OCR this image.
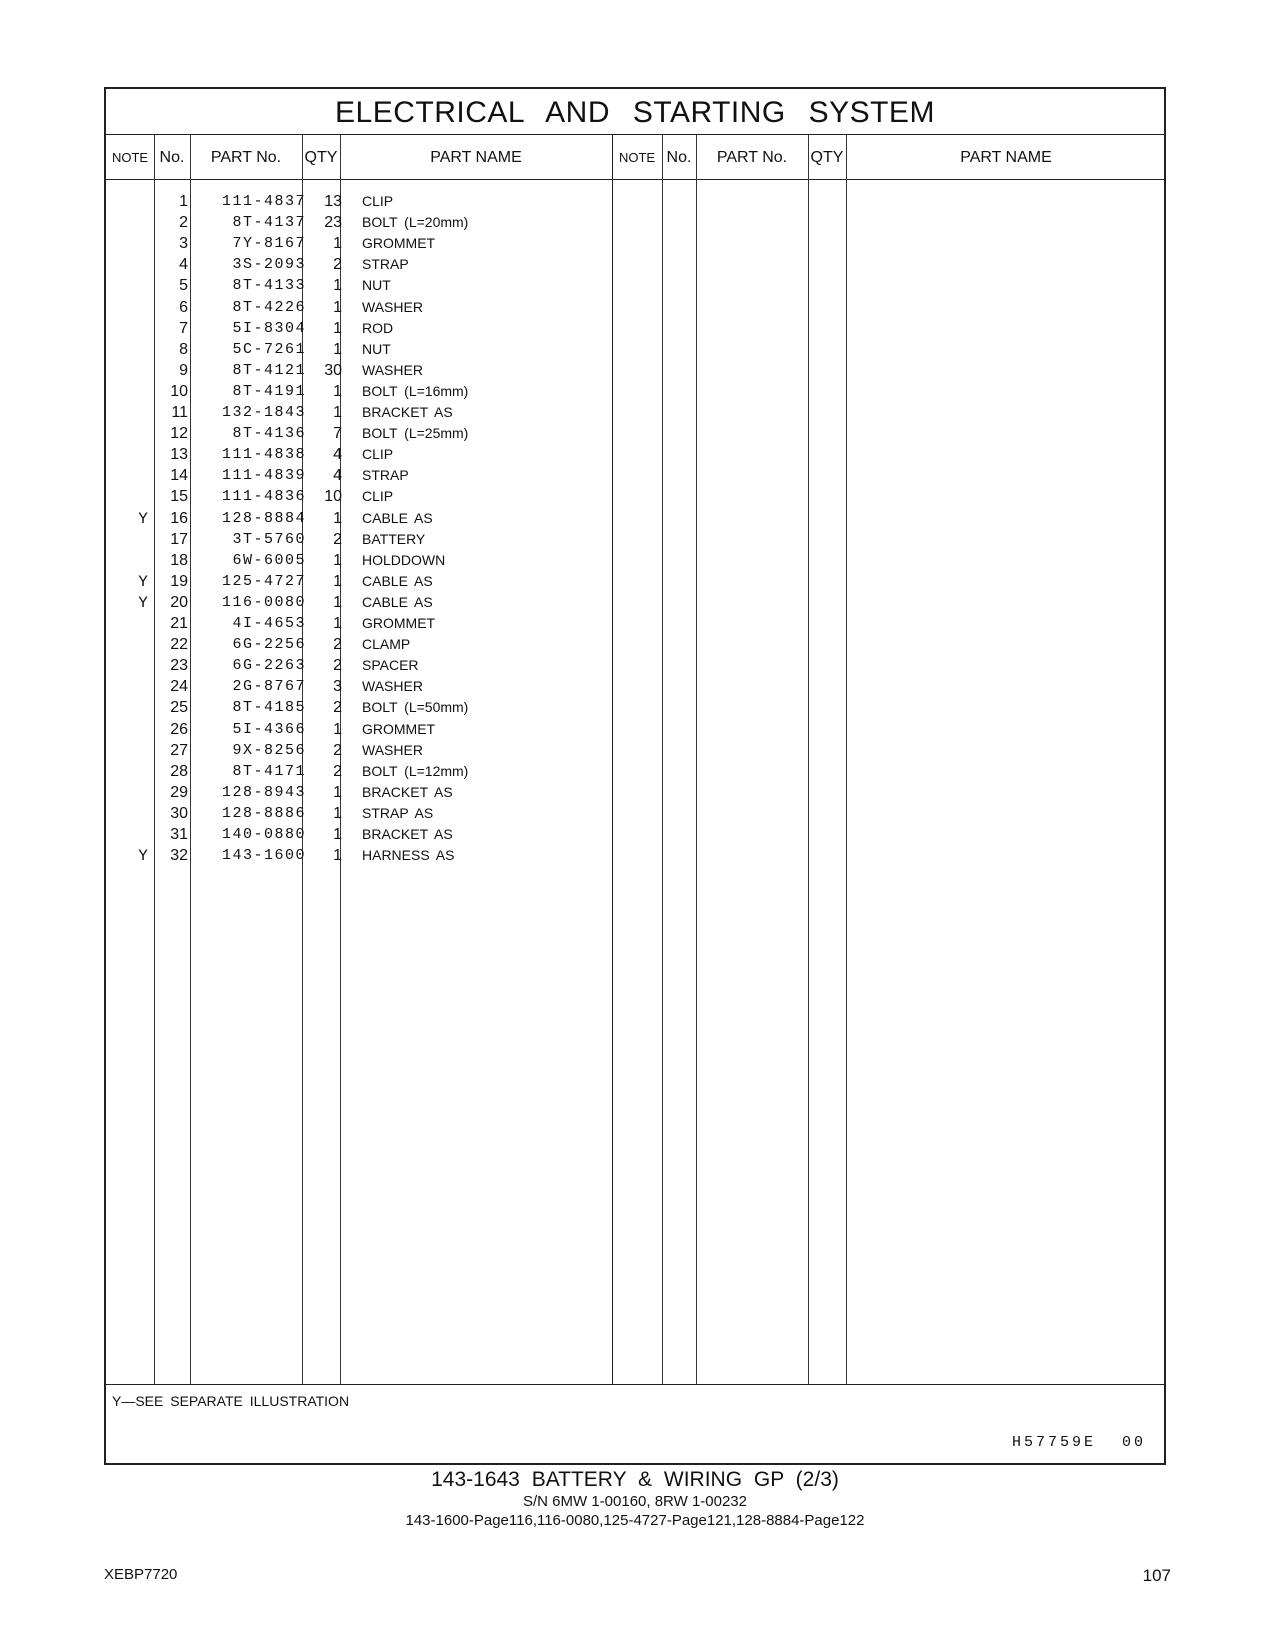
ELECTRICAL AND STARTING SYSTEM
NOTE No.	PART No.	QTY	PART NAME	NOTE No.	PART No.	QTY	PART NAME
1	111-4837	13 CLIP
2	8T-4137	23 BOLT (L=20mm)
3	7Y-8167	1 GROMMET
4	3S-2093	2 STRAP
5	8T-4133	1 NUT
6	8T-4226	1 WASHER
7	5I-8304	1 ROD
8	5C-7261	1 NUT
9	8T-4121	30 WASHER
10	8T-4191	1 BOLT (L=16mm)
11	132-1843	1 BRACKET AS
12	8T-4136	7 BOLT (L=25mm)
13	111-4838	4 CLIP
14	111-4839	4 STRAP
15	111-4836	10 CLIP
Y	16	128-8884	1 CABLE AS
17	3T-5760	2 BATTERY
18	6W-6005	1 HOLDDOWN
Y	19	125-4727	1 CABLE AS
Y	20	116-0080	1 CABLE AS
21	4I-4653	1 GROMMET
22	6G-2256	2 CLAMP
23	6G-2263	2 SPACER
24	2G-8767	3 WASHER
25	8T-4185	2 BOLT (L=50mm)
26	5I-4366	1 GROMMET
27	9X-8256	2 WASHER
28	8T-4171	2 BOLT (L=12mm)
29	128-8943	1 BRACKET AS
30	128-8886	1 STRAP AS
31	140-0880	1 BRACKET AS
Y	32	143-1600	1 HARNESS AS
Y—SEE SEPARATE ILLUSTRATION
H57759E 00
143‑1643 BATTERY & WIRING GP (2/3)
S/N 6MW 1‑00160, 8RW 1‑00232
143‑1600‑Page116,116‑0080,125‑4727‑Page121,128‑8884‑Page122
XEBP7720	107
